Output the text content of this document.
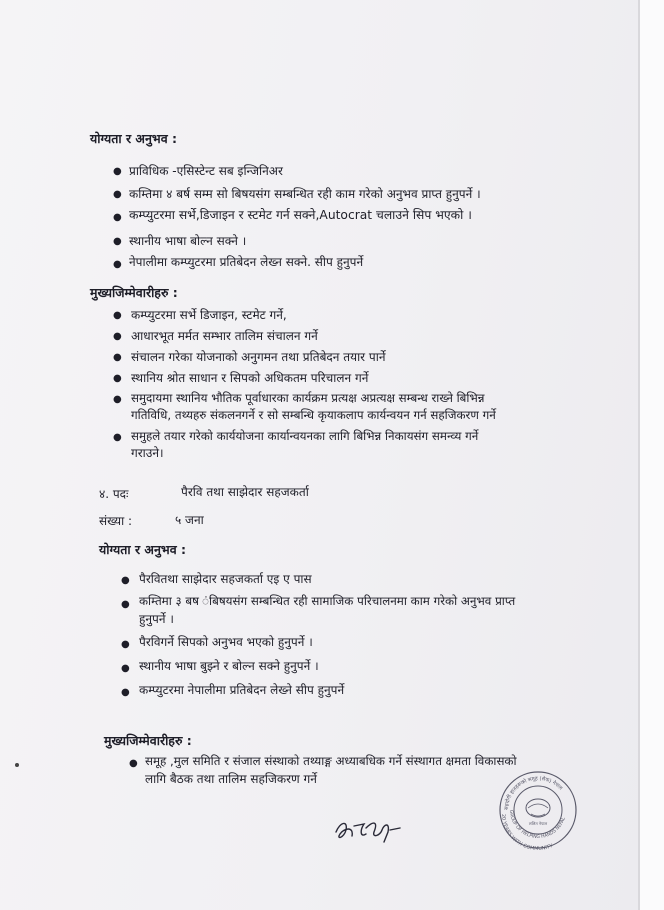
योग्यता र अनुभव :
● प्राविधिक -एसिस्टेन्ट सब इन्जिनिअर
● कम्तिमा ४ बर्ष सम्म सो बिषयसंग सम्बन्धित रही काम गरेको अनुभव प्राप्त हुनुपर्ने ।
● कम्प्युटरमा सर्भे,डिजाइन र स्टमेट गर्न सक्ने,Autocrat चलाउने सिप भएको ।
● स्थानीय भाषा बोल्न सक्ने ।
● नेपालीमा कम्प्युटरमा प्रतिबेदन लेख्न सक्ने. सीप हुनुपर्ने
मुख्यजिम्मेवारीहरु :
● कम्प्युटरमा सर्भे डिजाइन, स्टमेट गर्ने,
● आधारभूत मर्मत सम्भार तालिम संचालन गर्ने
● संचालन गरेका योजनाको अनुगमन तथा प्रतिबेदन तयार पार्ने
● स्थानिय श्रोत साधान र सिपको अधिकतम परिचालन गर्ने
● समुदायमा स्थानिय भौतिक पूर्वाधारका कार्यक्रम प्रत्यक्ष अप्रत्यक्ष सम्बन्ध राख्ने बिभिन्न
गतिविधि, तथ्यहरु संकलनगर्ने र सो सम्बन्धि कृयाकलाप कार्यन्वयन गर्न सहजिकरण गर्ने
● समुहले तयार गरेको कार्ययोजना कार्यान्वयनका लागि बिभिन्न निकायसंग समन्व्य गर्ने
गराउने।
४. पदः	पैरवि तथा साझेदार सहजकर्ता
संख्या :	५ जना
योग्यता र अनुभव :
● पैरवितथा साझेदार सहजकर्ता एइ ए पास
● कम्तिमा ३ बष ंबिषयसंग सम्बन्धित रही सामाजिक परिचालनमा काम गरेको अनुभव प्राप्त
हुनुपर्ने ।
● पैरविगर्ने सिपको अनुभव भएको हुनुपर्ने ।
● स्थानीय भाषा बुझ्ने र बोल्न सक्ने हुनुपर्ने ।
● कम्प्युटरमा नेपालीमा प्रतिबेदन लेख्ने सीप हुनुपर्ने
मुख्यजिम्मेवारीहरु :
● समूह ,मुल समिति र संजाल संस्थाको तथ्याङ्ग अध्याबधिक गर्ने संस्थागत क्षमता विकासको
लागि बैठक तथा तालिम सहजिकरण गर्ने
सहयोगी हातहरूको समूह (सेफ) नेपाल
GROUP OF HELPING HANDS NEPAL
20 YEARS WITH COMMUNITY
ललित नेपाल
